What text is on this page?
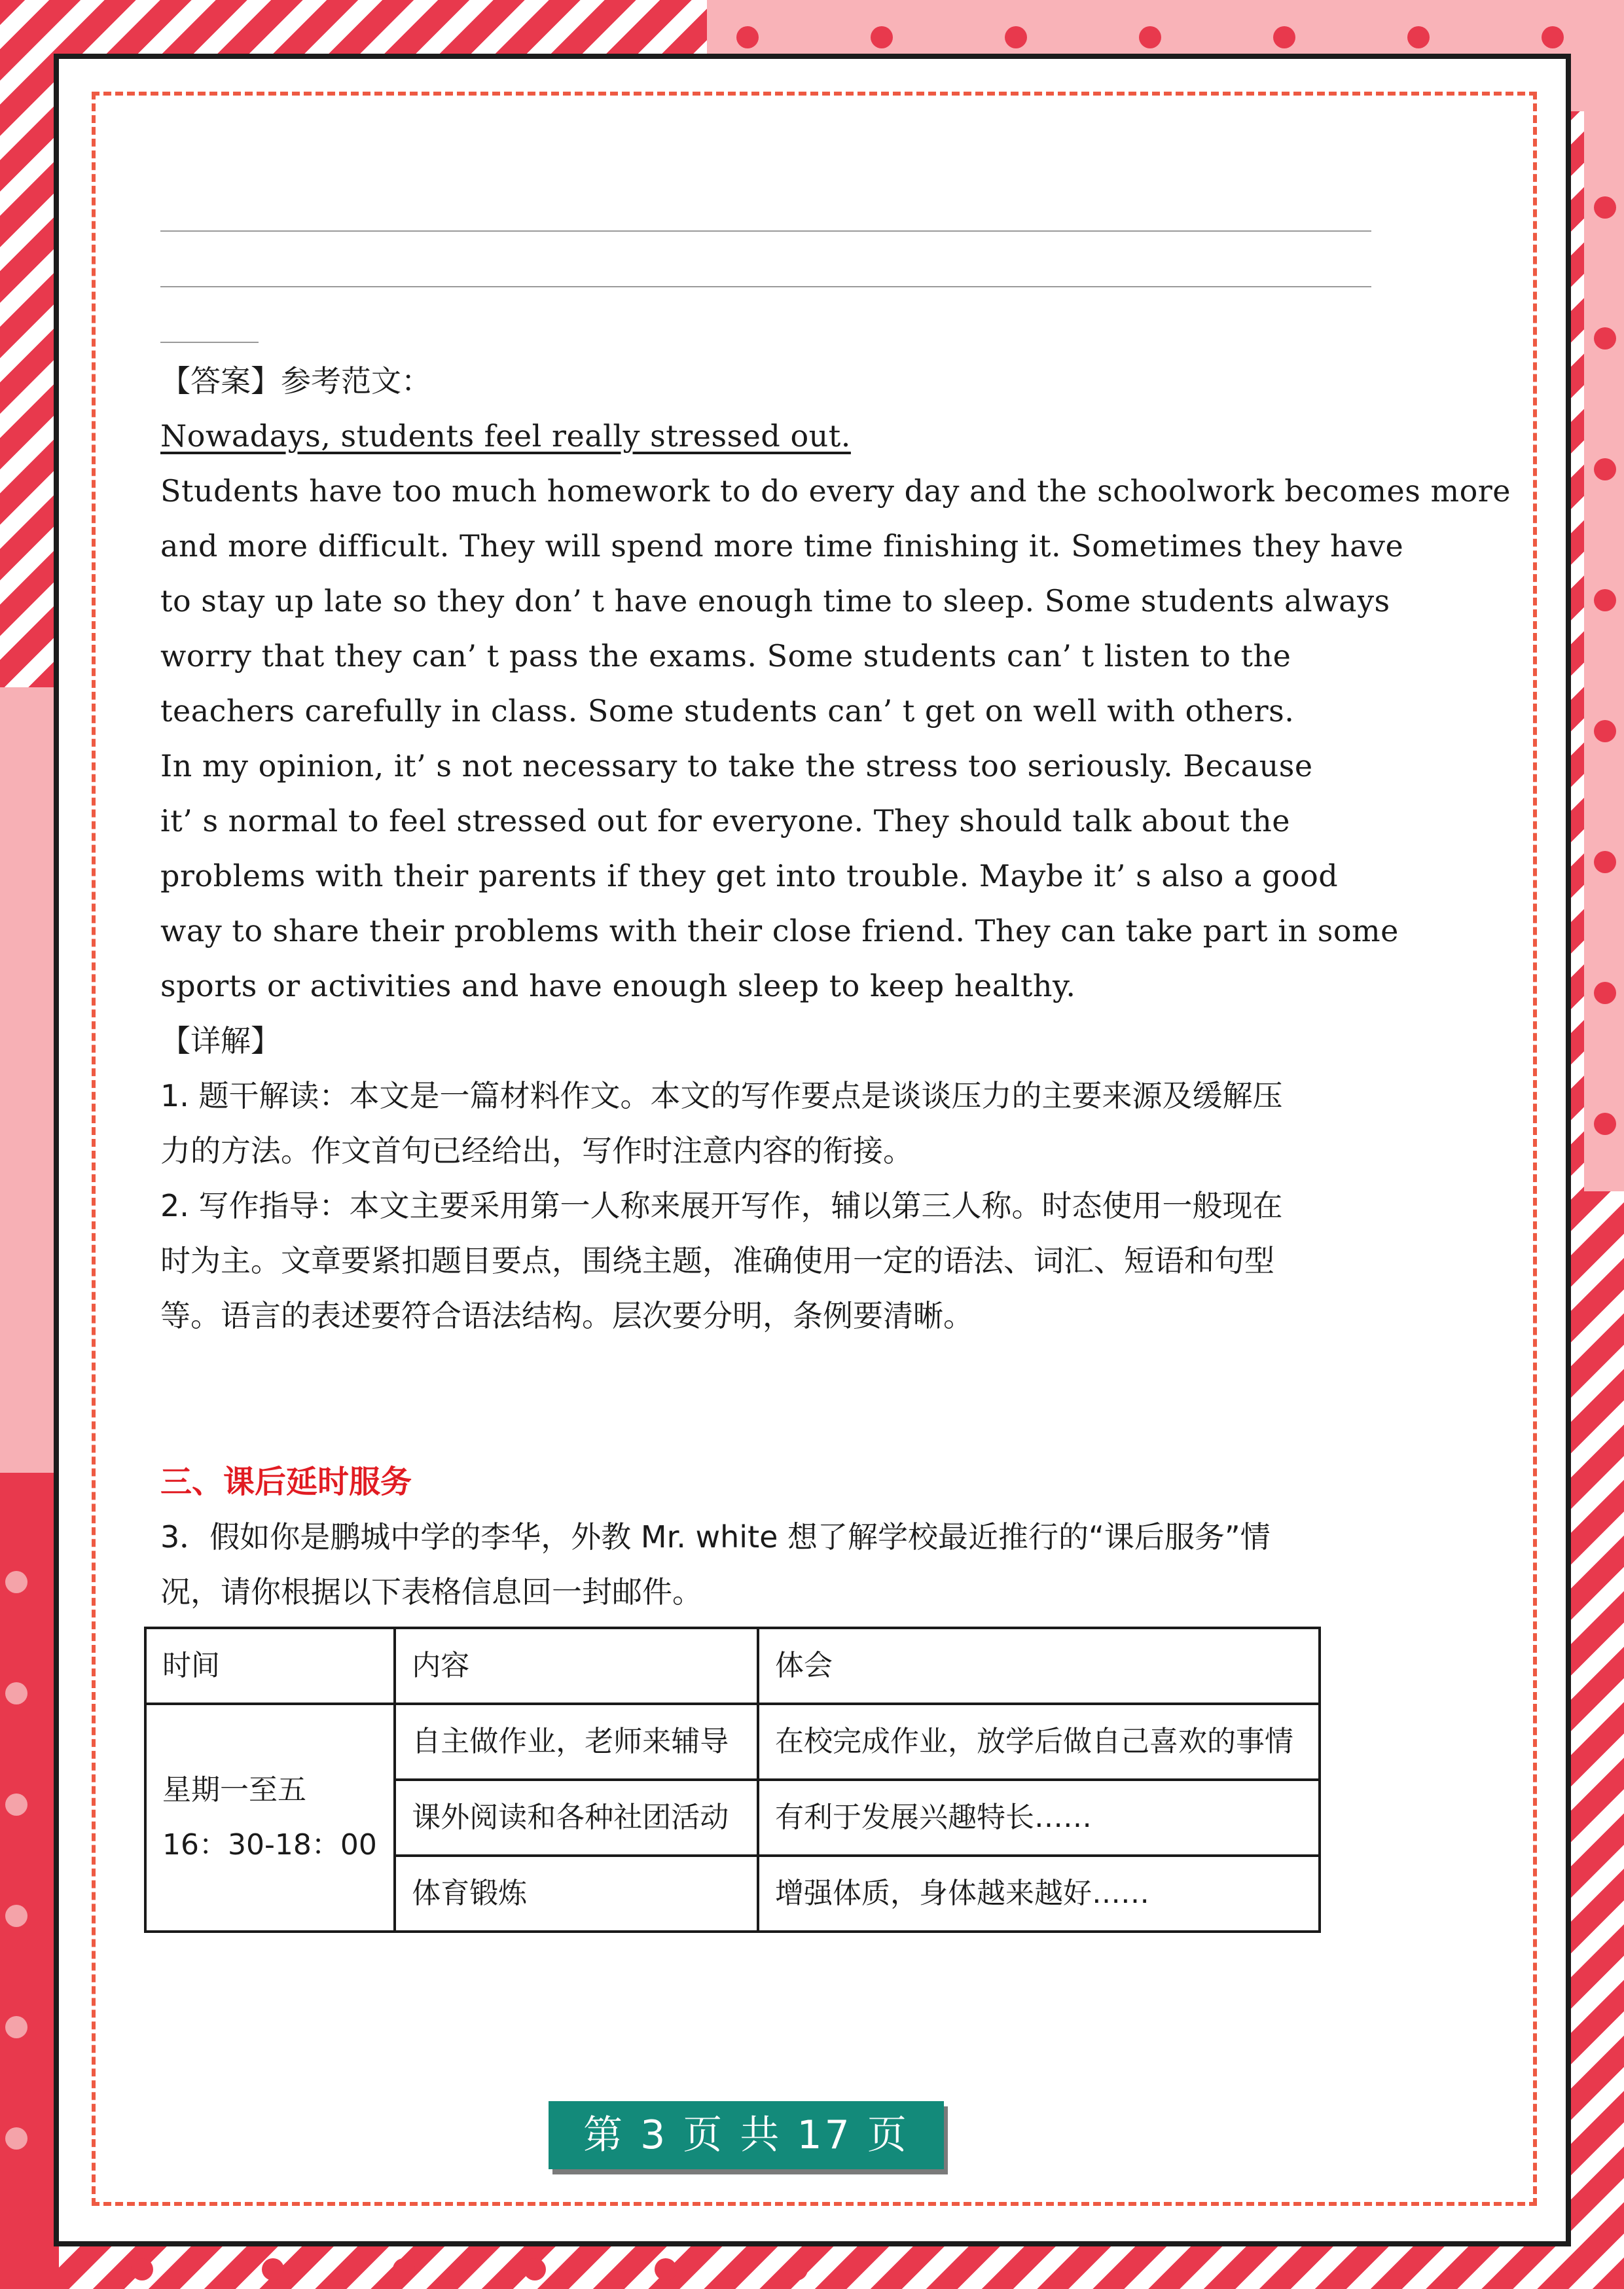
【答案】参考范文：
Nowadays, students feel really stressed out.
Students have too much homework to do every day and the schoolwork becomes more
and more difficult. They will spend more time finishing it. Sometimes they have
to stay up late so they don’ t have enough time to sleep. Some students always
worry that they can’ t pass the exams. Some students can’ t listen to the
teachers carefully in class. Some students can’ t get on well with others.
In my opinion, it’ s not necessary to take the stress too seriously. Because
it’ s normal to feel stressed out for everyone. They should talk about the
problems with their parents if they get into trouble. Maybe it’ s also a good
way to share their problems with their close friend. They can take part in some
sports or activities and have enough sleep to keep healthy.
【详解】
1. 题干解读：本文是一篇材料作文。本文的写作要点是谈谈压力的主要来源及缓解压
力的方法。作文首句已经给出，写作时注意内容的衔接。
2. 写作指导：本文主要采用第一人称来展开写作，辅以第三人称。时态使用一般现在
时为主。文章要紧扣题目要点，围绕主题，准确使用一定的语法、词汇、短语和句型
等。语言的表述要符合语法结构。层次要分明，条例要清晰。
三、课后延时服务
3．假如你是鹏城中学的李华，外教 Mr. white 想了解学校最近推行的“课后服务”情
况，请你根据以下表格信息回一封邮件。
时间	内容	体会

星期一至五
16：30-18：00	自主做作业，老师来辅导	在校完成作业，放学后做自己喜欢的事情
	课外阅读和各种社团活动	有利于发展兴趣特长……
	体育锻炼	增强体质，身体越来越好……
第 3 页 共 17 页
